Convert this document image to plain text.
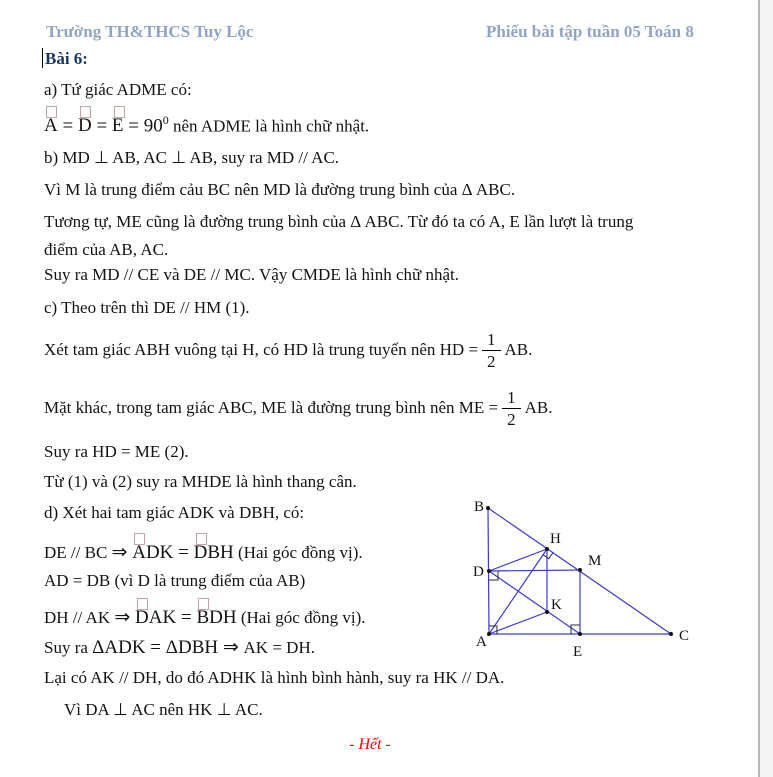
Trường TH&THCS Tuy Lộc	Phiếu bài tập tuần 05 Toán 8
Bài 6:
a) Tứ giác ADME có:
$A = D = E = 90^0$ nên ADME là hình chữ nhật.
b) MD ⊥ AB, AC ⊥ AB, suy ra MD // AC.
Vì M là trung điểm cảu BC nên MD là đường trung bình của Δ ABC.
Tương tự, ME cũng là đường trung bình của Δ ABC. Từ đó ta có A, E lần lượt là trung
điểm của AB, AC.
Suy ra MD // CE và DE // MC. Vậy CMDE là hình chữ nhật.
c) Theo trên thì DE // HM (1).
Xét tam giác ABH vuông tại H, có HD là trung tuyến nên HD = $\frac{1}{2}$ AB.
Mặt khác, trong tam giác ABC, ME là đường trung bình nên ME = $\frac{1}{2}$ AB.
Suy ra HD = ME (2).
Từ (1) và (2) suy ra MHDE là hình thang cân.
d) Xét hai tam giác ADK và DBH, có:
DE // BC ⇒ ADK = DBH (Hai góc đồng vị).
AD = DB (vì D là trung điểm của AB)
DH // AK ⇒ DAK = BDH (Hai góc đồng vị).
Suy ra ΔADK = ΔDBH ⇒ AK = DH.
Lại có AK // DH, do đó ADHK là hình bình hành, suy ra HK // DA.
Vì DA ⊥ AC nên HK ⊥ AC.
- Hết -
B
D
A
H
M
K
E
C
